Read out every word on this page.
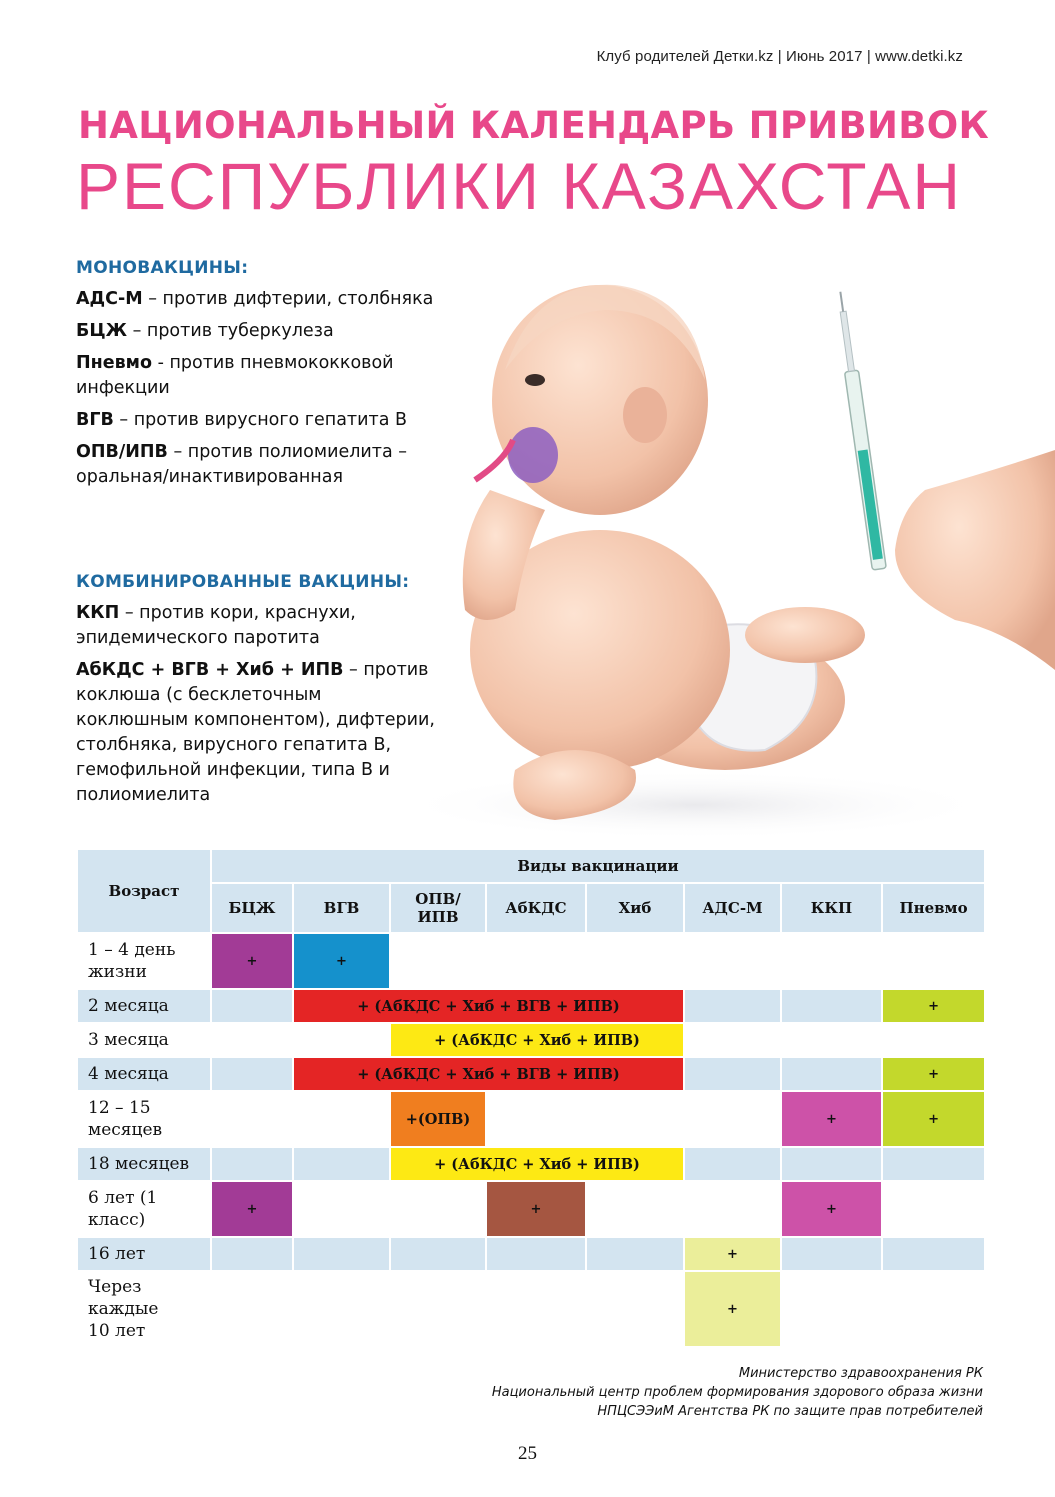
Клуб родителей Детки.kz | Июнь 2017 | www.detki.kz
НАЦИОНАЛЬНЫЙ КАЛЕНДАРЬ ПРИВИВОК
РЕСПУБЛИКИ КАЗАХСТАН
МОНОВАКЦИНЫ:

АДС-М – против дифтерии, столбняка

БЦЖ – против туберкулеза

Пневмо - против пневмококковой инфекции

ВГВ – против вирусного гепатита В

ОПВ/ИПВ – против полиомиелита – оральная/инактивированная

КОМБИНИРОВАННЫЕ ВАКЦИНЫ:

ККП – против кори, краснухи, эпидемического паротита

АбКДС + ВГВ + Хиб + ИПВ – против коклюша (с бесклеточным коклюшным компонентом), дифтерии, столбняка, вирусного гепатита В, гемофильной инфекции, типа В и полиомиелита

Возраст	Виды вакцинации							
	БЦЖ	ВГВ	ОПВ/ИПВ	АбКДС	Хиб	АДС-М	ККП	Пневмо
1 – 4 день жизни	+	+						
2 месяца		+ (АбКДС + Хиб + ВГВ + ИПВ)						+
3 месяца			+ (АбКДС + Хиб + ИПВ)					
4 месяца		+ (АбКДС + Хиб + ВГВ + ИПВ)						+
12 – 15 месяцев			+(ОПВ)				+	+
18 месяцев			+ (АбКДС + Хиб + ИПВ)					
6 лет (1 класс)	+			+			+	
16 лет						+		
Через каждые 10 лет						+		
Министерство здравоохранения РК
Национальный центр проблем формирования здорового образа жизни
НПЦСЭЭиМ Агентства РК по защите прав потребителей
25
